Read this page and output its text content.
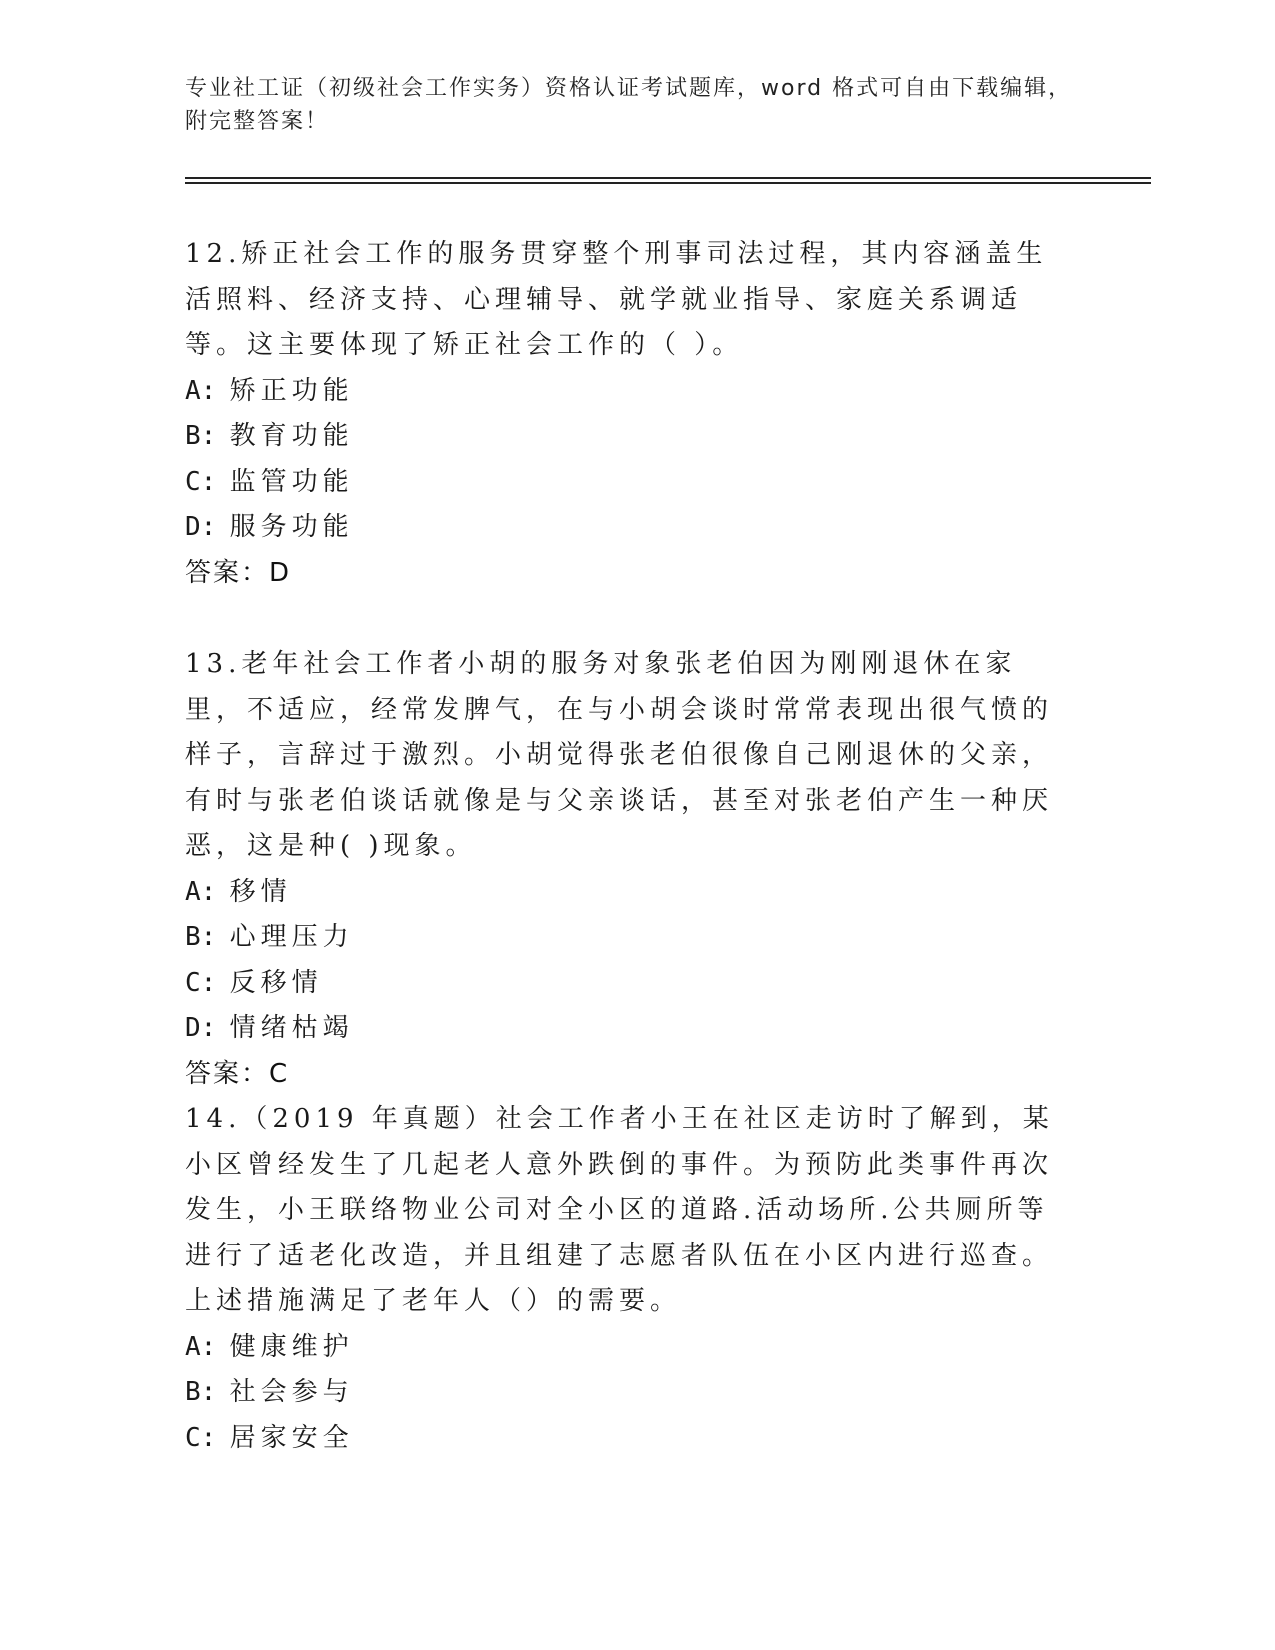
专业社工证（初级社会工作实务）资格认证考试题库，word 格式可自由下载编辑，附完整答案！

12.矫正社会工作的服务贯穿整个刑事司法过程，其内容涵盖生活照料、经济支持、心理辅导、就学就业指导、家庭关系调适等。这主要体现了矫正社会工作的（ ）。

A: 矫正功能

B: 教育功能

C: 监管功能

D: 服务功能

答案：D

13.老年社会工作者小胡的服务对象张老伯因为刚刚退休在家里，不适应，经常发脾气，在与小胡会谈时常常表现出很气愤的样子，言辞过于激烈。小胡觉得张老伯很像自己刚退休的父亲，有时与张老伯谈话就像是与父亲谈话，甚至对张老伯产生一种厌恶，这是种( )现象。

A: 移情

B: 心理压力

C: 反移情

D: 情绪枯竭

答案：C

14.（2019 年真题）社会工作者小王在社区走访时了解到，某小区曾经发生了几起老人意外跌倒的事件。为预防此类事件再次发生，小王联络物业公司对全小区的道路.活动场所.公共厕所等进行了适老化改造，并且组建了志愿者队伍在小区内进行巡查。上述措施满足了老年人（）的需要。

A: 健康维护

B: 社会参与

C: 居家安全
